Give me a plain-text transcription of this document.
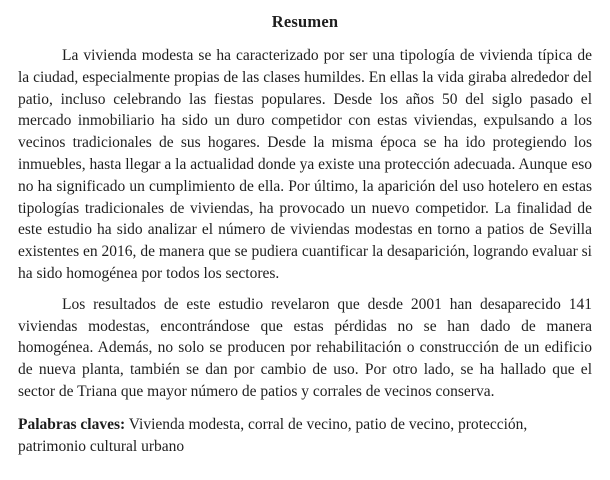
Resumen

La vivienda modesta se ha caracterizado por ser una tipología de vivienda típica de la ciudad, especialmente propias de las clases humildes. En ellas la vida giraba alrededor del patio, incluso celebrando las fiestas populares. Desde los años 50 del siglo pasado el mercado inmobiliario ha sido un duro competidor con estas viviendas, expulsando a los vecinos tradicionales de sus hogares. Desde la misma época se ha ido protegiendo los inmuebles, hasta llegar a la actualidad donde ya existe una protección adecuada. Aunque eso no ha significado un cumplimiento de ella. Por último, la aparición del uso hotelero en estas tipologías tradicionales de viviendas, ha provocado un nuevo competidor. La finalidad de este estudio ha sido analizar el número de viviendas modestas en torno a patios de Sevilla existentes en 2016, de manera que se pudiera cuantificar la desaparición, logrando evaluar si ha sido homogénea por todos los sectores.

Los resultados de este estudio revelaron que desde 2001 han desaparecido 141 viviendas modestas, encontrándose que estas pérdidas no se han dado de manera homogénea. Además, no solo se producen por rehabilitación o construcción de un edificio de nueva planta, también se dan por cambio de uso. Por otro lado, se ha hallado que el sector de Triana que mayor número de patios y corrales de vecinos conserva.

Palabras claves: Vivienda modesta, corral de vecino, patio de vecino, protección, patrimonio cultural urbano
